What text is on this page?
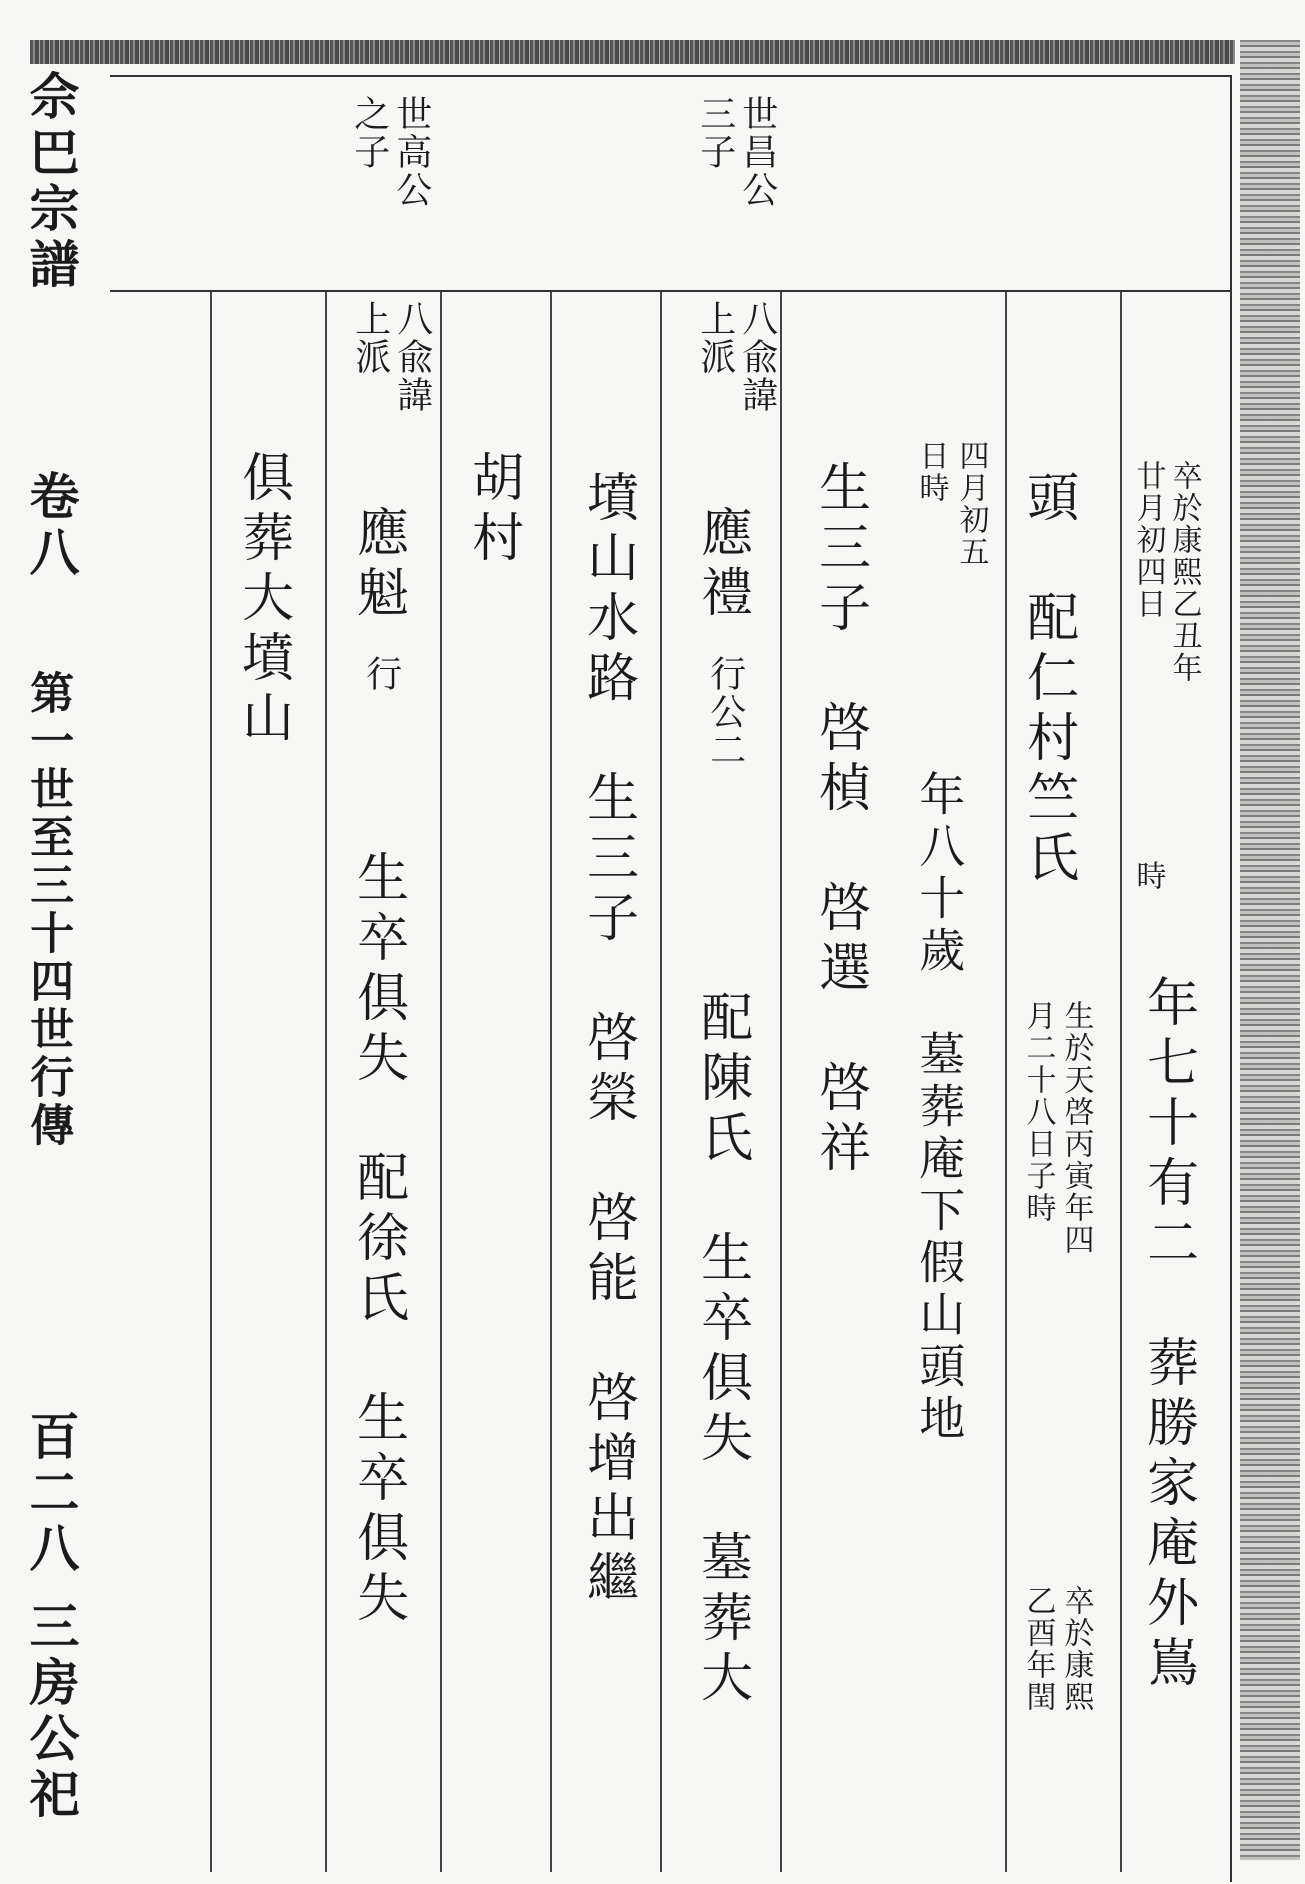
佘巴宗譜
卷八
第一世至三十四世行傳
百二八
三房公祀
世昌公
三子
世高公
之子
卒於康熙乙丑年
廿月初四日
時
年七十有二　葬勝家庵外嶌
頭　配仁村竺氏
生於天啓丙寅年四
月二十八日子時
卒於康熙
乙酉年閏
四月初五
日時
年八十歲　墓葬庵下假山頭地
生三子　啓楨　啓選　啓祥
八兪諱
上派
應禮
行公二
配陳氏　生卒俱失　墓葬大
墳山水路　生三子　啓榮　啓能　啓增出繼
胡村
八兪諱
上派
應魁
行
生卒俱失　配徐氏　生卒俱失
俱葬大墳山
